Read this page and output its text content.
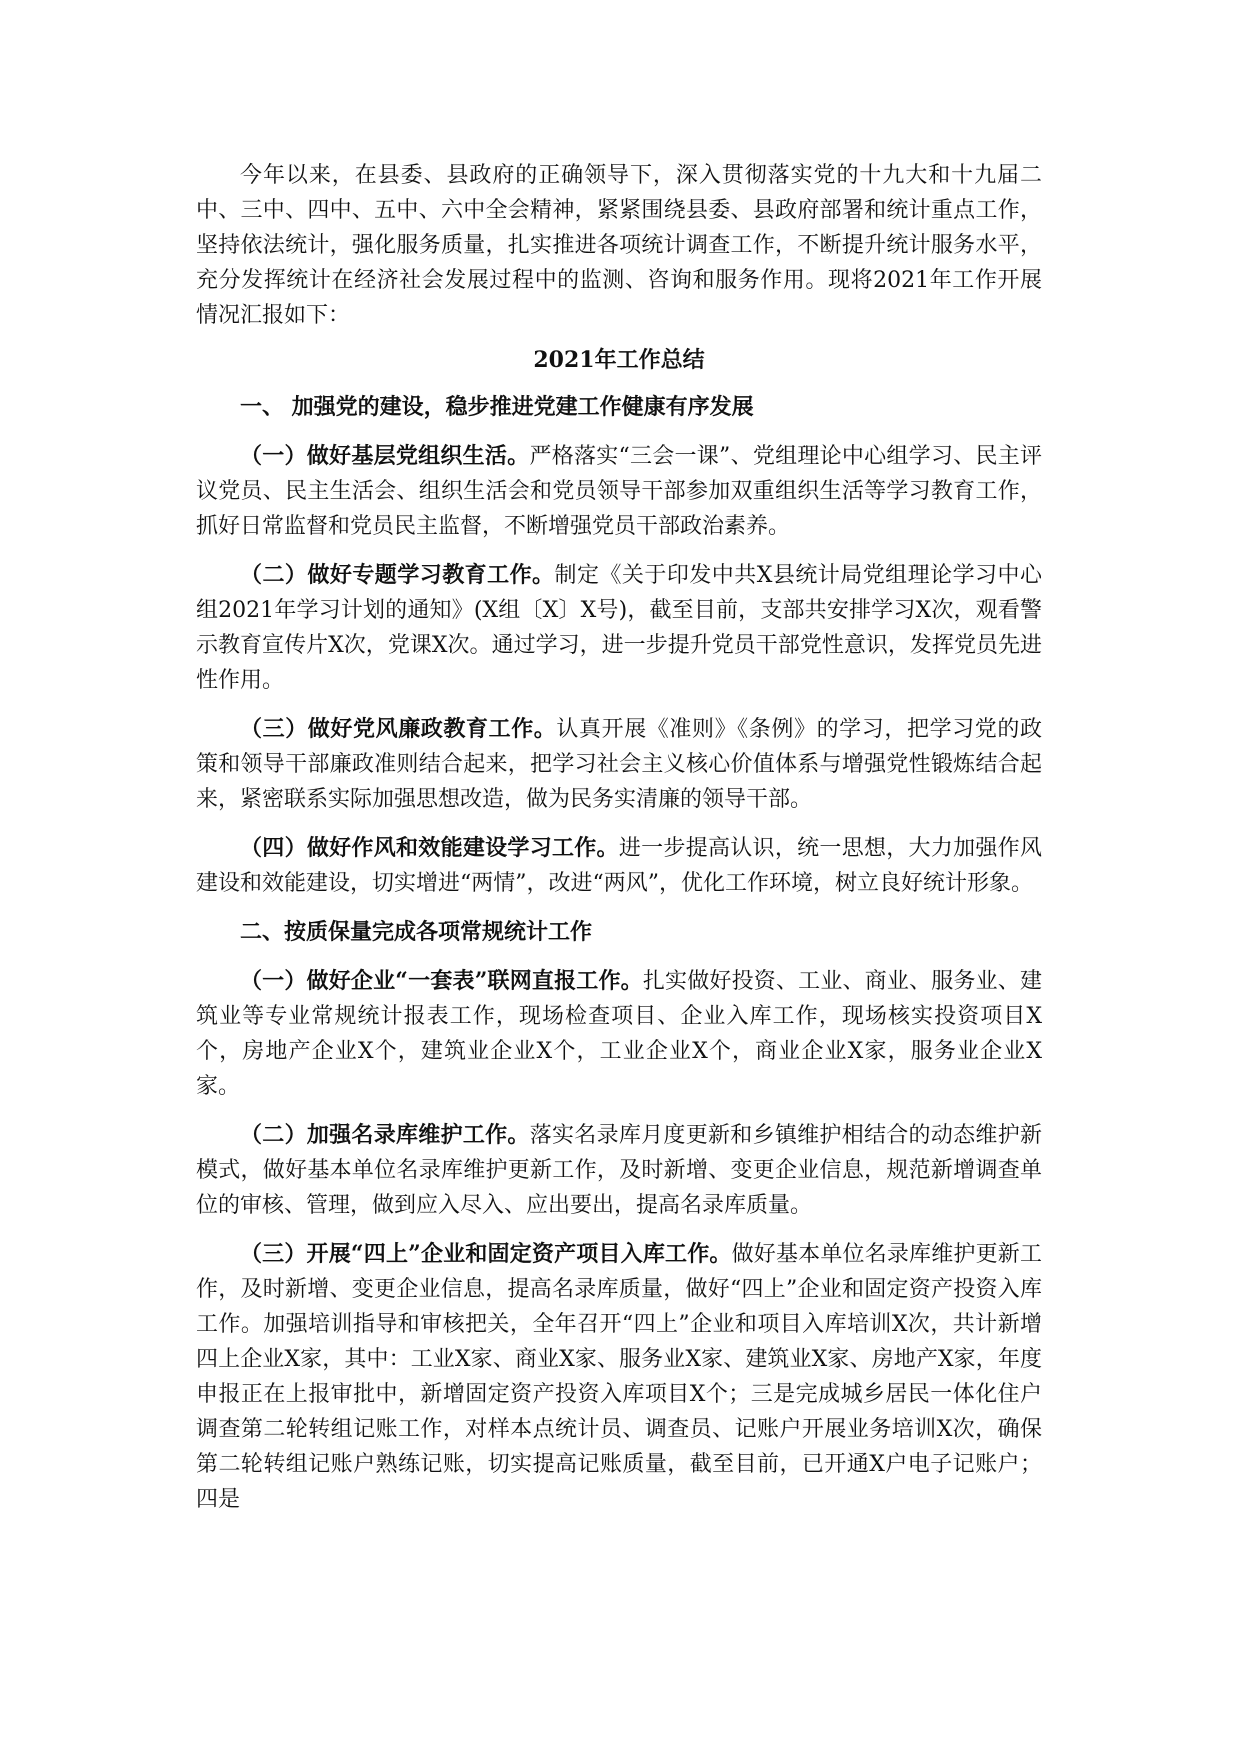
今年以来，在县委、县政府的正确领导下，深入贯彻落实党的十九大和十九届二中、三中、四中、五中、六中全会精神，紧紧围绕县委、县政府部署和统计重点工作，坚持依法统计，强化服务质量，扎实推进各项统计调查工作，不断提升统计服务水平，充分发挥统计在经济社会发展过程中的监测、咨询和服务作用。现将2021年工作开展情况汇报如下：

2021年工作总结

一、 加强党的建设，稳步推进党建工作健康有序发展

（一）做好基层党组织生活。严格落实“三会一课”、党组理论中心组学习、民主评议党员、民主生活会、组织生活会和党员领导干部参加双重组织生活等学习教育工作，抓好日常监督和党员民主监督，不断增强党员干部政治素养。

（二）做好专题学习教育工作。制定《关于印发中共X县统计局党组理论学习中心组2021年学习计划的通知》(X组〔X〕X号)，截至目前，支部共安排学习X次，观看警示教育宣传片X次，党课X次。通过学习，进一步提升党员干部党性意识，发挥党员先进性作用。

（三）做好党风廉政教育工作。认真开展《准则》《条例》的学习，把学习党的政策和领导干部廉政准则结合起来，把学习社会主义核心价值体系与增强党性锻炼结合起来，紧密联系实际加强思想改造，做为民务实清廉的领导干部。

（四）做好作风和效能建设学习工作。进一步提高认识，统一思想，大力加强作风建设和效能建设，切实增进“两情”，改进“两风”，优化工作环境，树立良好统计形象。

二、按质保量完成各项常规统计工作

（一）做好企业“一套表”联网直报工作。扎实做好投资、工业、商业、服务业、建筑业等专业常规统计报表工作，现场检查项目、企业入库工作，现场核实投资项目X个，房地产企业X个，建筑业企业X个，工业企业X个，商业企业X家，服务业企业X家。

（二）加强名录库维护工作。落实名录库月度更新和乡镇维护相结合的动态维护新模式，做好基本单位名录库维护更新工作，及时新增、变更企业信息，规范新增调查单位的审核、管理，做到应入尽入、应出要出，提高名录库质量。

（三）开展“四上”企业和固定资产项目入库工作。做好基本单位名录库维护更新工作，及时新增、变更企业信息，提高名录库质量，做好“四上”企业和固定资产投资入库工作。加强培训指导和审核把关，全年召开“四上”企业和项目入库培训X次，共计新增四上企业X家，其中：工业X家、商业X家、服务业X家、建筑业X家、房地产X家，年度申报正在上报审批中，新增固定资产投资入库项目X个；三是完成城乡居民一体化住户调查第二轮转组记账工作，对样本点统计员、调查员、记账户开展业务培训X次，确保第二轮转组记账户熟练记账，切实提高记账质量，截至目前，已开通X户电子记账户；四是
